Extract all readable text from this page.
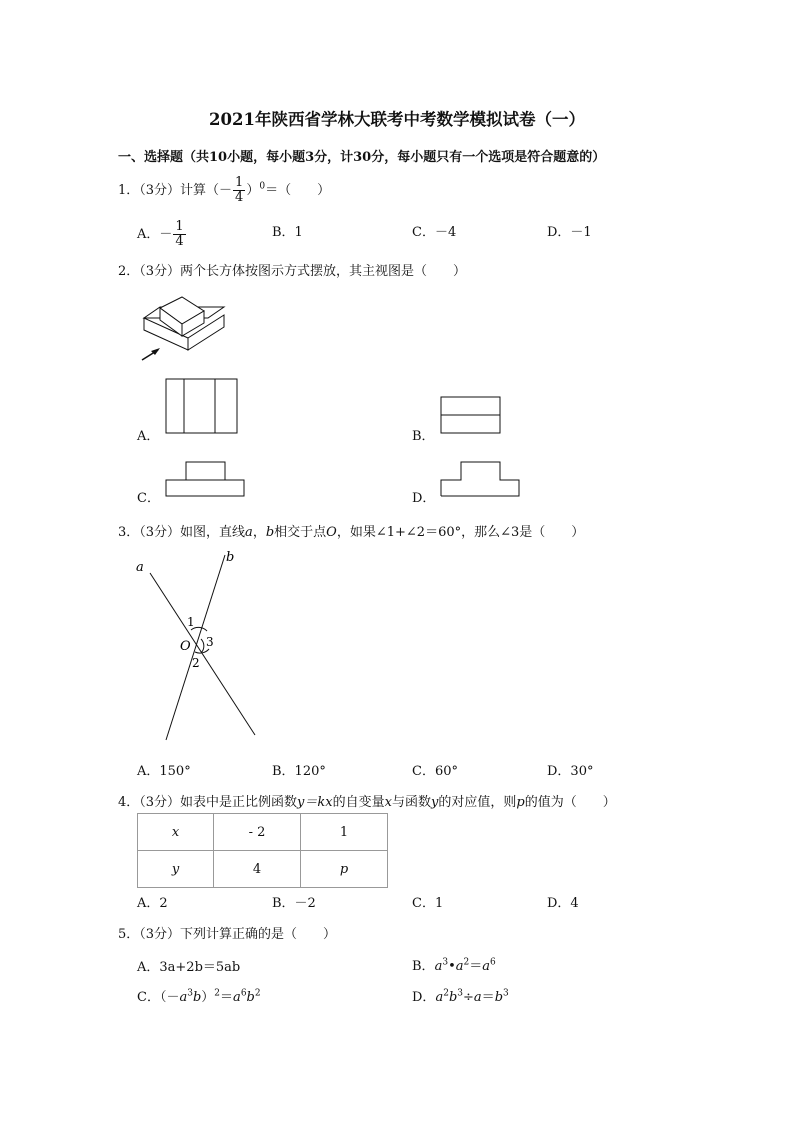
2021年陕西省学林大联考中考数学模拟试卷（一）
一、选择题（共10小题，每小题3分，计30分，每小题只有一个选项是符合题意的）
1．（3分）计算（－ $\frac{1}{4} )^0=$（　　）
A．－ $\frac{1}{4}$	B．1	C．－4	D．－1
2．（3分）两个长方体按图示方式摆放，其主视图是（　　）
A．	B．
C．	D．
3．（3分）如图，直线a，b相交于点O，如果∠1+∠2＝60°，那么∠3是（　　）
a
b
O
1
2
3
A．150°	B．120°	C．60°	D．30°
4．（3分）如表中是正比例函数y＝kx的自变量x与函数y的对应值，则p的值为（　　）
x	- 2	1
y	4	p
A．2	B．－2	C．1	D．4
5．（3分）下列计算正确的是（　　）
A．3a+2b＝5ab	B．$a^3•a^2=a^6$
C．$(-a^3b)^2=a^6b^2$	D．$a^2b^3\div a=b^3$
